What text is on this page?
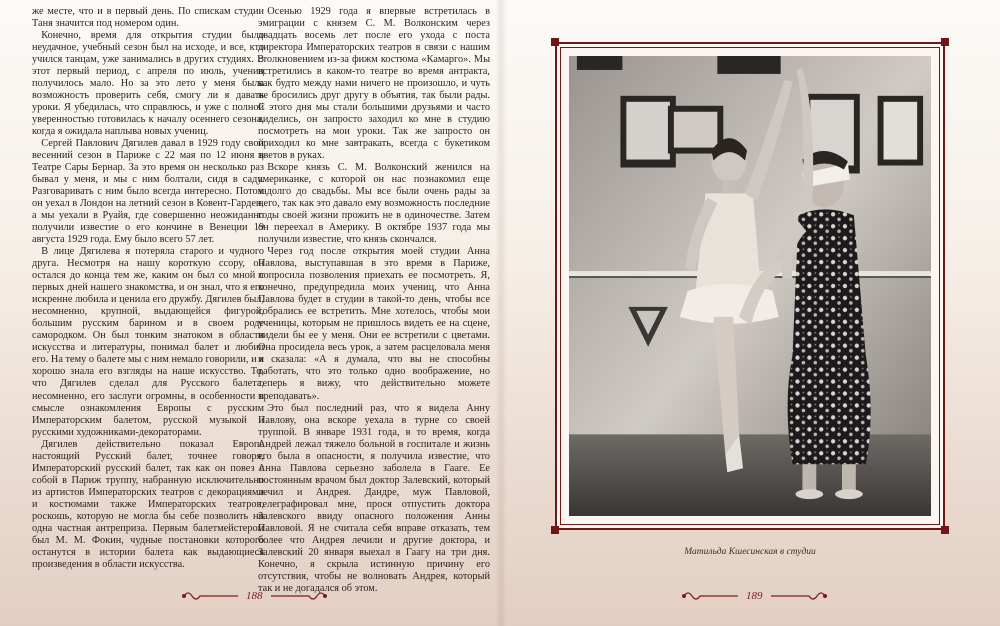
же месте, что и в первый день. По спискам студии Таня значится под номером один.

Конечно, время для открытия студии было неудачное, учебный сезон был на исходе, и все, кто учился танцам, уже занимались в других студиях. В этот первый период, с апреля по июль, учениц получилось мало. Но за это лето у меня была возможность проверить себя, смогу ли я давать уроки. Я убедилась, что справлюсь, и уже с полной уверенностью готовилась к началу осеннего сезона, когда я ожидала наплыва новых учениц.

Сергей Павлович Дягилев давал в 1929 году свой весенний сезон в Париже с 22 мая по 12 июня в Театре Сары Бернар. За это время он несколько раз бывал у меня, и мы с ним болтали, сидя в саду. Разговаривать с ним было всегда интересно. Потом он уехал в Лондон на летний сезон в Ковент-Гарден, а мы уехали в Руайя, где совершенно неожиданно получили известие о его кончине в Венеции 19 августа 1929 года. Ему было всего 57 лет.

В лице Дягилева я потеряла старого и чудного друга. Несмотря на нашу короткую ссору, он остался до конца тем же, каким он был со мной с первых дней нашего знакомства, и он знал, что я его искренне любила и ценила его дружбу. Дягилев был, несомненно, крупной, выдающейся фигурой, большим русским барином и в своем роде самородком. Он был тонким знатоком в области искусства и литературы, понимал балет и любил его. На тему о балете мы с ним немало говорили, и я хорошо знала его взгляды на наше искусство. То, что Дягилев сделал для Русского балета, несомненно, его заслуги огромны, в особенности в смысле ознакомления Европы с русским Императорским балетом, русской музыкой и русскими художниками-декораторами.

Дягилев действительно показал Европе настоящий Русский балет, точнее говоря, Императорский русский балет, так как он повез с собой в Париж труппу, набранную исключительно из артистов Императорских театров с декорациями и костюмами также Императорских театров, роскошь, которую не могла бы себе позволить ни одна частная антреприза. Первым балетмейстером был М. М. Фокин, чудные постановки которого останутся в истории балета как выдающиеся произведения в области искусства.

Осенью 1929 года я впервые встретилась в эмиграции с князем С. М. Волконским через двадцать восемь лет после его ухода с поста директора Императорских театров в связи с нашим столкновением из-за фижм костюма «Камарго». Мы встретились в каком-то театре во время антракта, как будто между нами ничего не произошло, и чуть не бросились друг другу в объятия, так были рады. С этого дня мы стали большими друзьями и часто виделись, он запросто заходил ко мне в студию посмотреть на мои уроки. Так же запросто он приходил ко мне завтракать, всегда с букетиком цветов в руках.

Вскоре князь С. М. Волконский женился на американке, с которой он нас познакомил еще задолго до свадьбы. Мы все были очень рады за него, так как это давало ему возможность последние годы своей жизни прожить не в одиночестве. Затем он переехал в Америку. В октябре 1937 года мы получили известие, что князь скончался.

Через год после открытия моей студии Анна Павлова, выступавшая в это время в Париже, попросила позволения приехать ее посмотреть. Я, конечно, предупредила моих учениц, что Анна Павлова будет в студии в такой-то день, чтобы все собрались ее встретить. Мне хотелось, чтобы мои ученицы, которым не пришлось видеть ее на сцене, видели бы ее у меня. Они ее встретили с цветами. Она просидела весь урок, а затем расцеловала меня и сказала: «А я думала, что вы не способны работать, что это только одно воображение, но теперь я вижу, что действительно можете преподавать».

Это был последний раз, что я видела Анну Павлову, она вскоре уехала в турне со своей труппой. В январе 1931 года, в то время, когда Андрей лежал тяжело больной в госпитале и жизнь его была в опасности, я получила известие, что Анна Павлова серьезно заболела в Гааге. Ее постоянным врачом был доктор Залевский, который лечил и Андрея. Дандре, муж Павловой, телеграфировал мне, прося отпустить доктора Залевского ввиду опасного положения Анны Павловой. Я не считала себя вправе отказать, тем более что Андрея лечили и другие доктора, и Залевский 20 января выехал в Гаагу на три дня. Конечно, я скрыла истинную причину его отсутствия, чтобы не волновать Андрея, который так и не догадался об этом.

Матильда Кшесинская в студии
188	189
